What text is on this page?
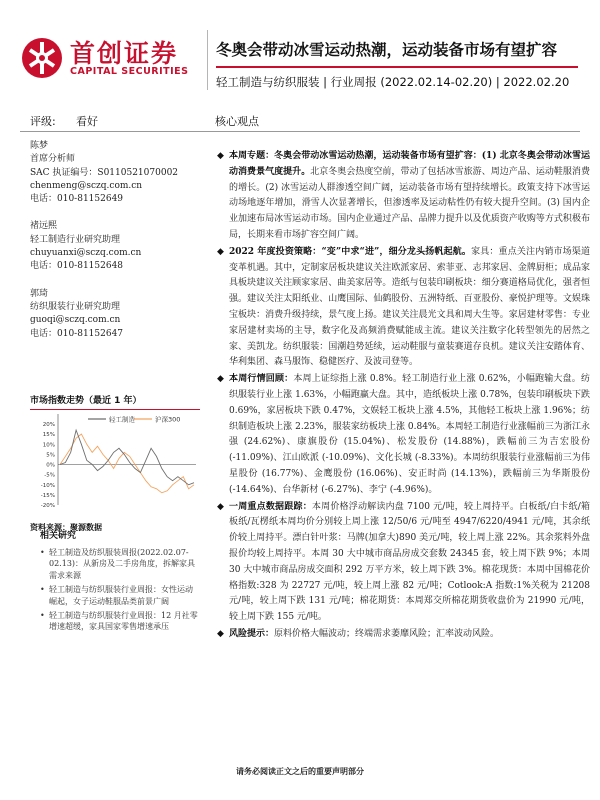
首创证券
CAPITAL SECURITIES
冬奥会带动冰雪运动热潮，运动装备市场有望扩容
轻工制造与纺织服装 | 行业周报 (2022.02.14-02.20) | 2022.02.20
评级: 看好	核心观点
陈梦
首席分析师
SAC 执证编号：S0110521070002
chenmeng@sczq.com.cn
电话：010-81152649
褚远熙
轻工制造行业研究助理
chuyuanxi@sczq.com.cn
电话：010-81152648
郭琦
纺织服装行业研究助理
guoqi@sczq.com.cn
电话：010-81152647
市场指数走势（最近 1 年）
20%
15%
10%
5%
0%
-5%
-10%
-15%
-20%
轻工制造	沪深300
资料来源：聚源数据
相关研究
• 轻工制造及纺织服装周报(2022.02.07-02.13)：从新房及二手房角度，拆解家具需求来源
• 轻工制造与纺织服装行业周报：女性运动崛起，女子运动鞋服品类前景广阔
• 轻工制造与纺织服装行业周报：12 月社零增速超缓，家具国家零售增速承压
◆ 本周专题：冬奥会带动冰雪运动热潮，运动装备市场有望扩容：(1) 北京冬奥会带动冰雪运动消费景气度提升。北京冬奥会热度空前，带动了包括冰雪旅游、周边产品、运动鞋服消费的增长。(2) 冰雪运动人群渗透空间广阔，运动装备市场有望持续增长。政策支持下冰雪运动场地逐年增加，滑雪人次显著增长，但渗透率及运动粘性仍有较大提升空间。(3) 国内企业加速布局冰雪运动市场。国内企业通过产品、品牌力提升以及优质资产收购等方式积极布局，长期来看市场扩容空间广阔。
◆ 2022 年度投资策略：“变”中求“进”，细分龙头扬帆起航。家具：重点关注内销市场渠道变革机遇。其中，定制家居板块建议关注欧派家居、索菲亚、志邦家居、金牌厨柜；成品家具板块建议关注顾家家居、曲美家居等。造纸与包装印刷板块：细分赛道格局优化，强者恒强。建议关注太阳纸业、山鹰国际、仙鹤股份、五洲特纸、百亚股份、豪悦护理等。文娱珠宝板块：消费升级持续，景气度上扬。建议关注晨光文具和周大生等。家居建材零售：专业家居建材卖场的主导，数字化及高频消费赋能成主流。建议关注数字化转型领先的居然之家、美凯龙。纺织服装：国潮趋势延续，运动鞋服与童装赛道存良机。建议关注安踏体育、华利集团、森马服饰、稳健医疗、及波司登等。
◆ 本周行情回顾：本周上证综指上涨 0.8%。轻工制造行业上涨 0.62%，小幅跑输大盘。纺织服装行业上涨 1.63%，小幅跑赢大盘。其中，造纸板块上涨 0.78%，包装印刷板块下跌 0.69%，家居板块下跌 0.47%，文娱轻工板块上涨 4.5%，其他轻工板块上涨 1.96%；纺织制造板块上涨 2.23%，服装家纺板块上涨 0.84%。本周轻工制造行业涨幅前三为浙江永强 (24.62%)、康旗股份 (15.04%)、松发股份 (14.88%)，跌幅前三为吉宏股份 (-11.09%)、江山欧派 (-10.09%)、文化长城 (-8.33%)。本周纺织服装行业涨幅前三为伟星股份 (16.77%)、金鹰股份 (16.06%)、安正时尚 (14.13%)，跌幅前三为华斯股份 (-14.64%)、台华新材 (-6.27%)、李宁 (-4.96%)。
◆ 一周重点数据跟踪：本周价格浮动解读内盘 7100 元/吨，较上周持平。白板纸/白卡纸/箱板纸/瓦楞纸本周均价分别较上周上涨 12/50/6 元/吨至 4947/6220/4941 元/吨，其余纸价较上周持平。漂白针叶浆：马牌(加拿大)890 美元/吨，较上周上涨 22%。其余浆料外盘报价均较上周持平。本周 30 大中城市商品房成交套数 24345 套，较上周下跌 9%；本周 30 大中城市商品房成交面积 292 万平方米，较上周下跌 3%。棉花现货：本周中国棉花价格指数:328 为 22727 元/吨，较上周上涨 82 元/吨；Cotlook:A 指数:1%关税为 21208 元/吨，较上周下跌 131 元/吨；棉花期货：本周郑交所棉花期货收盘价为 21990 元/吨，较上周下跌 155 元/吨。
◆ 风险提示：原料价格大幅波动；终端需求萎靡风险；汇率波动风险。
请务必阅读正文之后的重要声明部分
